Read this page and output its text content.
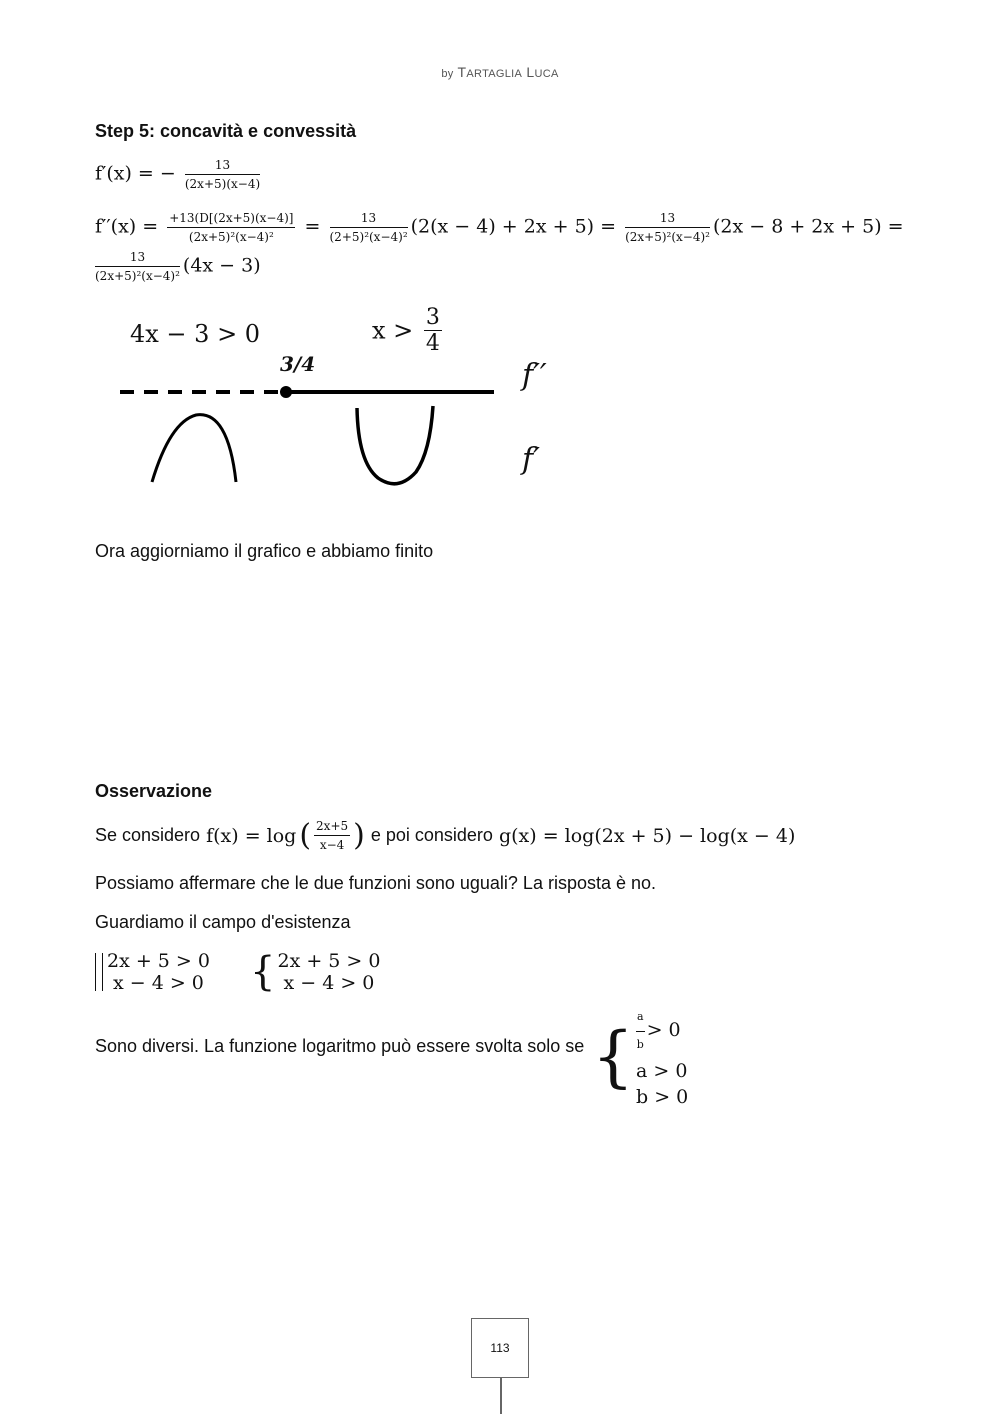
by TARTAGLIA LUCA
Step 5: concavità e convessità
f′(x) = − $\frac{13}{(2x+5)(x-4)}$
$f''(x) = \frac{+13(D[(2x+5)(x-4)]}{\text{(2x+5)²(x−4)²}} = \frac{13}{\text{(2+5)²(x−4)²}} (2(x - 4) + 2x + 5) = \frac{13}{\text{(2x+5)²(x−4)²}} (2x - 8 + 2x + 5)$ =
$\frac{13}{\text{(2x+5)²(x−4)²}} (4x - 3)$
4x − 3 > 0	$x > \frac{3}{4}$
3/4	f′′
f′
Ora aggiorniamo il grafico e abbiamo finito
Osservazione
Se considero f(x) = log ( $\frac{2x+5}{x-4}$ ) e poi considero g(x) = log(2x + 5) − log(x − 4)
Possiamo affermare che le due funzioni sono uguali? La risposta è no.
Guardiamo il campo d'esistenza
2x + 5 > 0
x − 4 > 0
{ 2x + 5 > 0
x − 4 > 0
Sono diversi. La funzione logaritmo può essere svolta solo se { $\frac{a}{b} > 0$
a > 0
b > 0
113
